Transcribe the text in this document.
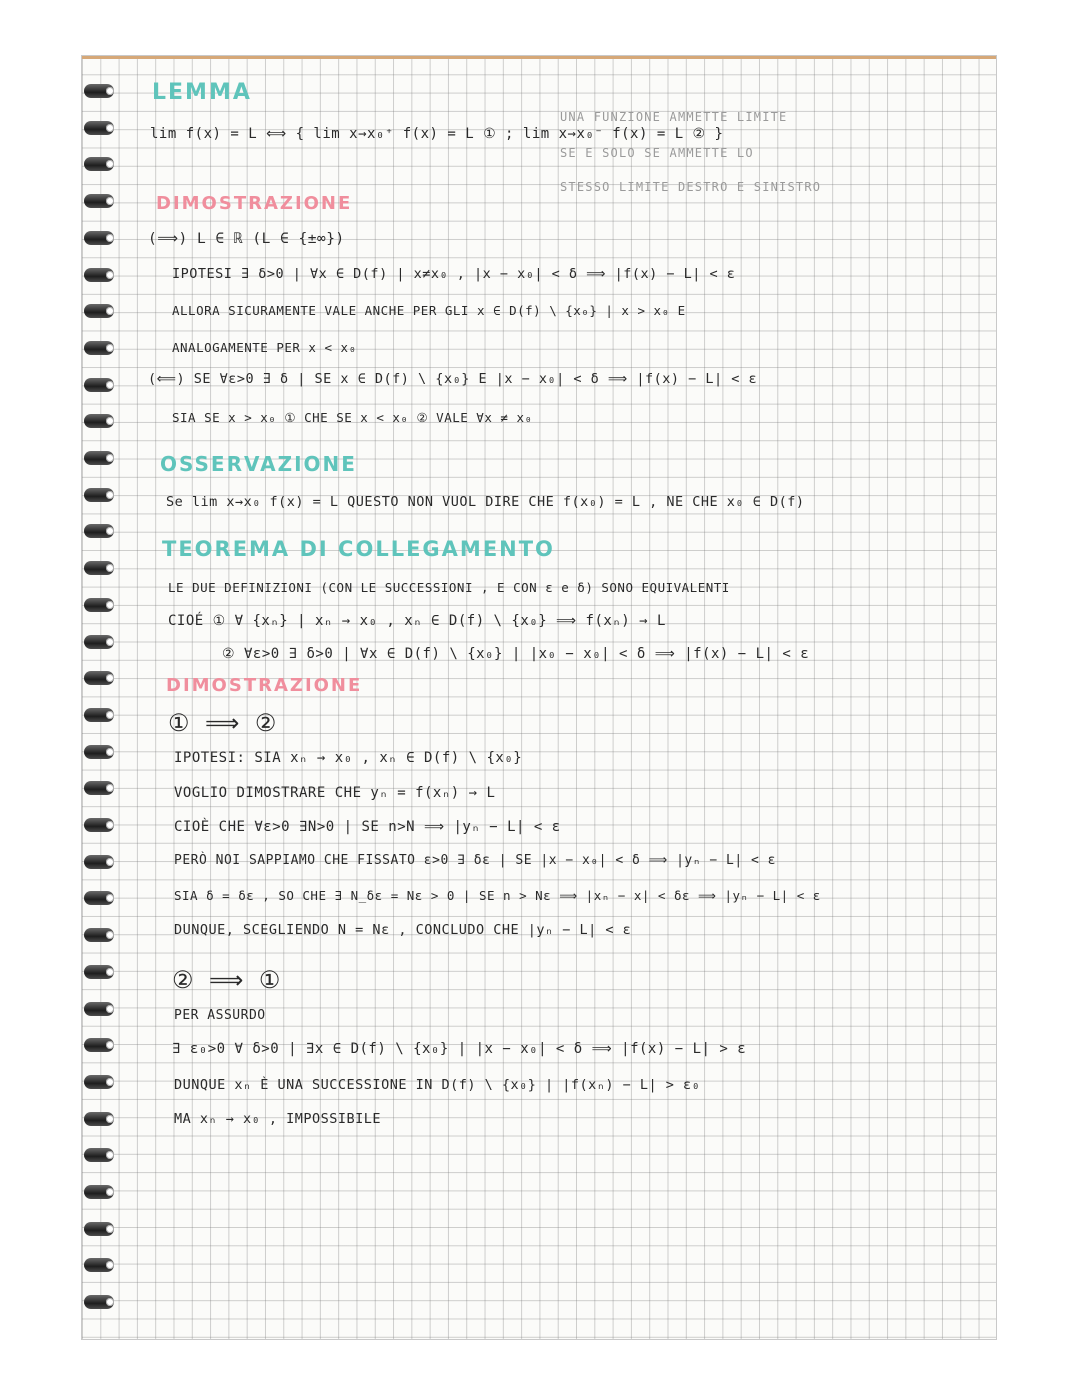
LEMMA
lim f(x) = L ⟺ { lim x→x₀⁺ f(x) = L ① ; lim x→x₀⁻ f(x) = L ② }
UNA FUNZIONE AMMETTE LIMITE
SE E SOLO SE AMMETTE LO
STESSO LIMITE DESTRO E SINISTRO
DIMOSTRAZIONE
(⟹) L ∈ ℝ (L ∈ {±∞})
IPOTESI ∃ δ>0 | ∀x ∈ D(f) | x≠x₀ , |x − x₀| < δ ⟹ |f(x) − L| < ε
ALLORA SICURAMENTE VALE ANCHE PER GLI x ∈ D(f) \ {x₀} | x > x₀ E
ANALOGAMENTE PER x < x₀
(⟸) SE ∀ε>0 ∃ δ | SE x ∈ D(f) \ {x₀} E |x − x₀| < δ ⟹ |f(x) − L| < ε
SIA SE x > x₀ ① CHE SE x < x₀ ② VALE ∀x ≠ x₀
OSSERVAZIONE
Se lim x→x₀ f(x) = L QUESTO NON VUOL DIRE CHE f(x₀) = L , NE CHE x₀ ∈ D(f)
TEOREMA DI COLLEGAMENTO
LE DUE DEFINIZIONI (CON LE SUCCESSIONI , E CON ε e δ) SONO EQUIVALENTI
CIOÉ ① ∀ {xₙ} | xₙ → x₀ , xₙ ∈ D(f) \ {x₀} ⟹ f(xₙ) → L
② ∀ε>0 ∃ δ>0 | ∀x ∈ D(f) \ {x₀} | |x₀ − x₀| < δ ⟹ |f(x) − L| < ε
DIMOSTRAZIONE
① ⟹ ②
IPOTESI: SIA xₙ → x₀ , xₙ ∈ D(f) \ {x₀}
VOGLIO DIMOSTRARE CHE yₙ = f(xₙ) → L
CIOÈ CHE ∀ε>0 ∃N>0 | SE n>N ⟹ |yₙ − L| < ε
PERÒ NOI SAPPIAMO CHE FISSATO ε>0 ∃ δε | SE |x − x₀| < δ ⟹ |yₙ − L| < ε
SIA δ = δε , SO CHE ∃ N_δε = Nε > 0 | SE n > Nε ⟹ |xₙ − x| < δε ⟹ |yₙ − L| < ε
DUNQUE, SCEGLIENDO N = Nε , CONCLUDO CHE |yₙ − L| < ε
② ⟹ ①
PER ASSURDO
∃ ε₀>0 ∀ δ>0 | ∃x ∈ D(f) \ {x₀} | |x − x₀| < δ ⟹ |f(x) − L| > ε
DUNQUE xₙ È UNA SUCCESSIONE IN D(f) \ {x₀} | |f(xₙ) − L| > ε₀
MA xₙ → x₀ , IMPOSSIBILE
